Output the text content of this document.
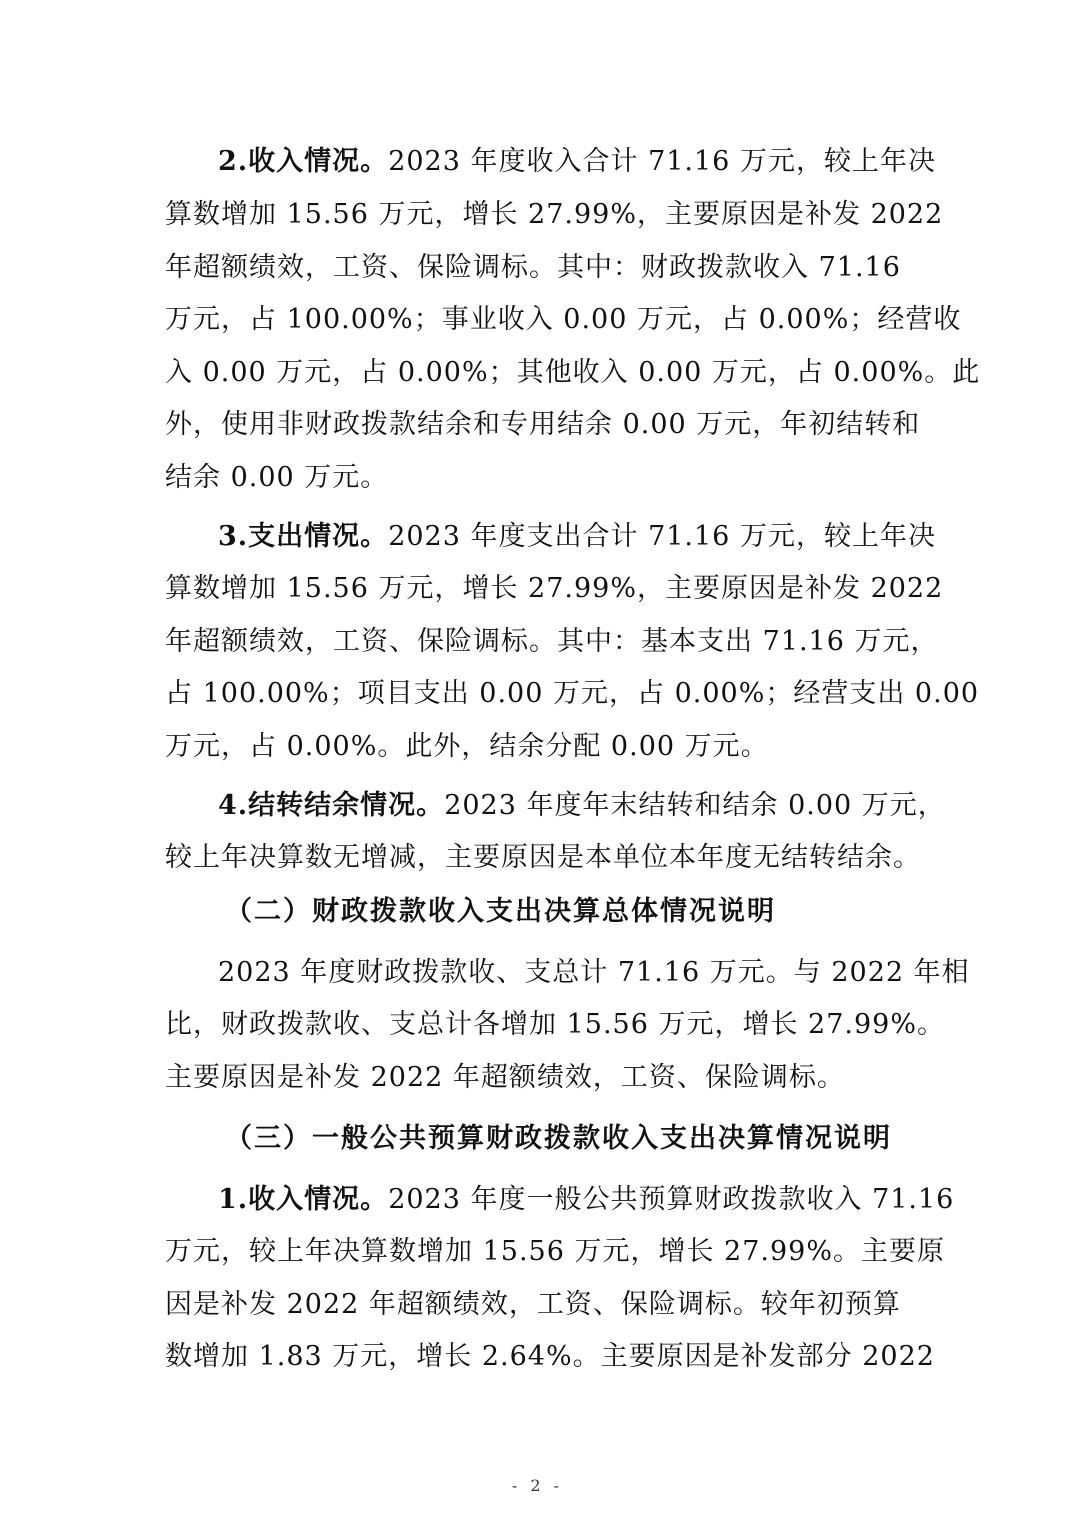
2.收入情况。2023 年度收入合计 71.16 万元，较上年决
算数增加 15.56 万元，增长 27.99%，主要原因是补发 2022
年超额绩效，工资、保险调标。其中：财政拨款收入 71.16
万元，占 100.00%；事业收入 0.00 万元，占 0.00%；经营收
入 0.00 万元，占 0.00%；其他收入 0.00 万元，占 0.00%。此
外，使用非财政拨款结余和专用结余 0.00 万元，年初结转和
结余 0.00 万元。
3.支出情况。2023 年度支出合计 71.16 万元，较上年决
算数增加 15.56 万元，增长 27.99%，主要原因是补发 2022
年超额绩效，工资、保险调标。其中：基本支出 71.16 万元，
占 100.00%；项目支出 0.00 万元，占 0.00%；经营支出 0.00
万元，占 0.00%。此外，结余分配 0.00 万元。
4.结转结余情况。2023 年度年末结转和结余 0.00 万元，
较上年决算数无增减，主要原因是本单位本年度无结转结余。
（二）财政拨款收入支出决算总体情况说明
2023 年度财政拨款收、支总计 71.16 万元。与 2022 年相
比，财政拨款收、支总计各增加 15.56 万元，增长 27.99%。
主要原因是补发 2022 年超额绩效，工资、保险调标。
（三）一般公共预算财政拨款收入支出决算情况说明
1.收入情况。2023 年度一般公共预算财政拨款收入 71.16
万元，较上年决算数增加 15.56 万元，增长 27.99%。主要原
因是补发 2022 年超额绩效，工资、保险调标。较年初预算
数增加 1.83 万元，增长 2.64%。主要原因是补发部分 2022
- 2 -
